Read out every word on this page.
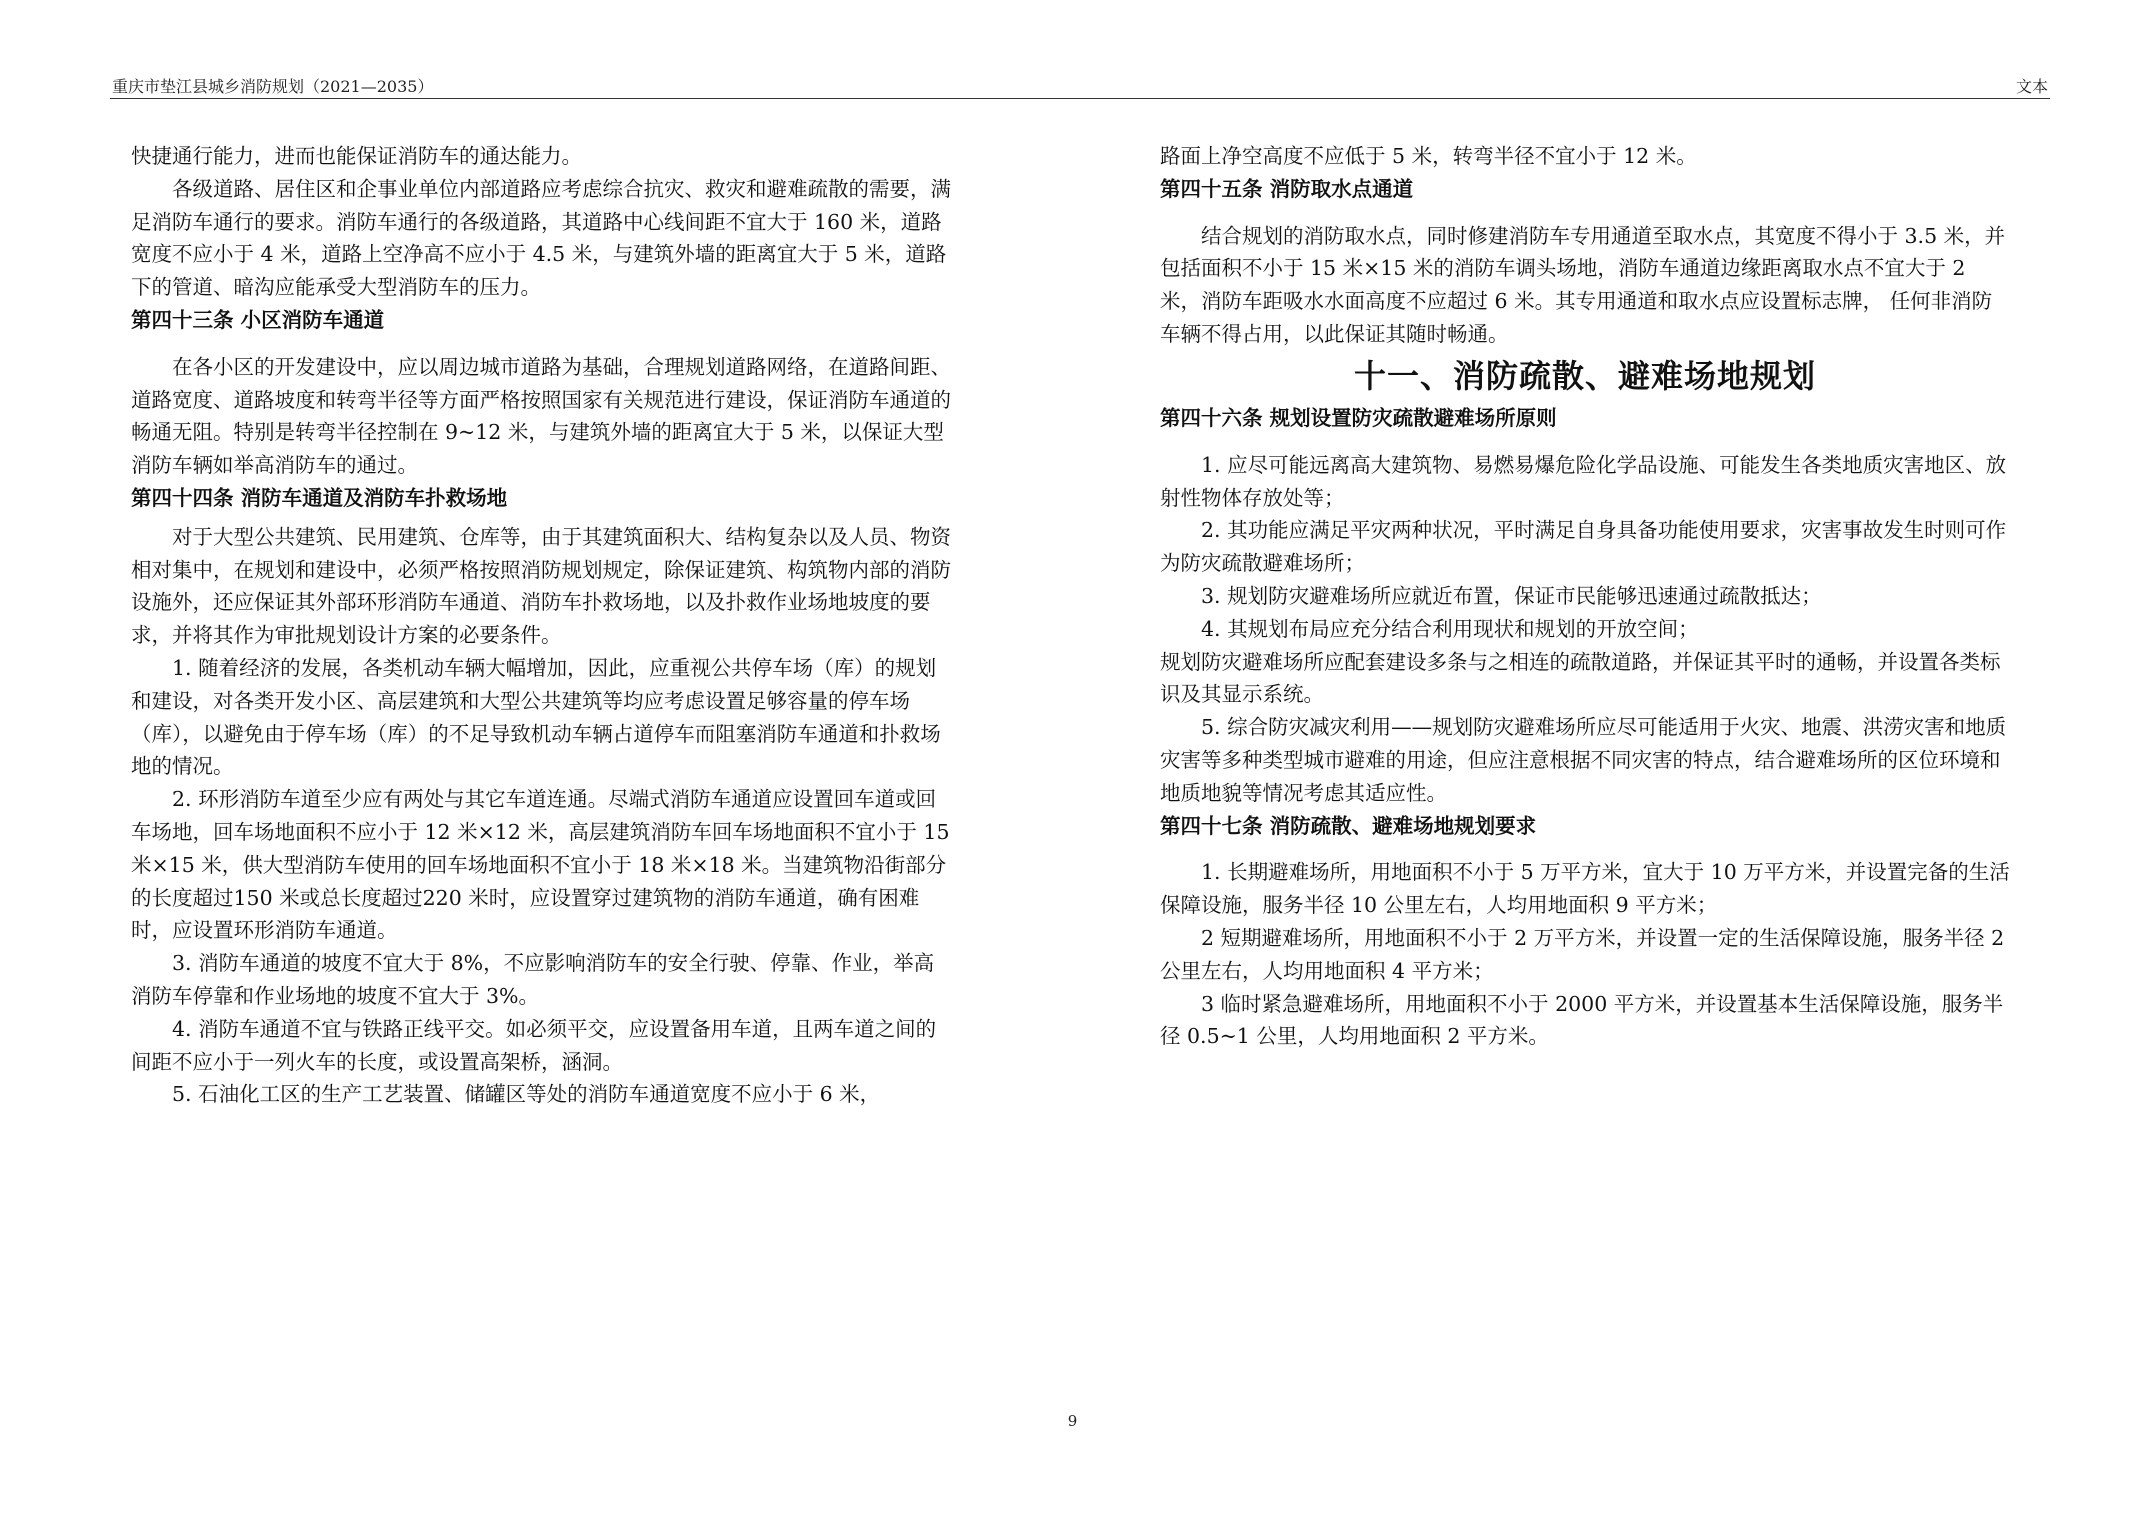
重庆市垫江县城乡消防规划（2021—2035）	文本

快捷通行能力，进而也能保证消防车的通达能力。

各级道路、居住区和企事业单位内部道路应考虑综合抗灾、救灾和避难疏散的需要，满足消防车通行的要求。消防车通行的各级道路，其道路中心线间距不宜大于 160 米，道路宽度不应小于 4 米，道路上空净高不应小于 4.5 米，与建筑外墙的距离宜大于 5 米，道路下的管道、暗沟应能承受大型消防车的压力。

第四十三条 小区消防车通道

在各小区的开发建设中，应以周边城市道路为基础，合理规划道路网络，在道路间距、道路宽度、道路坡度和转弯半径等方面严格按照国家有关规范进行建设，保证消防车通道的畅通无阻。特别是转弯半径控制在 9~12 米，与建筑外墙的距离宜大于 5 米，以保证大型消防车辆如举高消防车的通过。

第四十四条 消防车通道及消防车扑救场地

对于大型公共建筑、民用建筑、仓库等，由于其建筑面积大、结构复杂以及人员、物资相对集中，在规划和建设中，必须严格按照消防规划规定，除保证建筑、构筑物内部的消防设施外，还应保证其外部环形消防车通道、消防车扑救场地，以及扑救作业场地坡度的要求，并将其作为审批规划设计方案的必要条件。

1. 随着经济的发展，各类机动车辆大幅增加，因此，应重视公共停车场（库）的规划和建设，对各类开发小区、高层建筑和大型公共建筑等均应考虑设置足够容量的停车场（库），以避免由于停车场（库）的不足导致机动车辆占道停车而阻塞消防车通道和扑救场地的情况。

2. 环形消防车道至少应有两处与其它车道连通。尽端式消防车通道应设置回车道或回车场地，回车场地面积不应小于 12 米×12 米，高层建筑消防车回车场地面积不宜小于 15 米×15 米，供大型消防车使用的回车场地面积不宜小于 18 米×18 米。当建筑物沿街部分的长度超过150 米或总长度超过220 米时，应设置穿过建筑物的消防车通道，确有困难时，应设置环形消防车通道。

3. 消防车通道的坡度不宜大于 8%，不应影响消防车的安全行驶、停靠、作业，举高消防车停靠和作业场地的坡度不宜大于 3%。

4. 消防车通道不宜与铁路正线平交。如必须平交，应设置备用车道，且两车道之间的间距不应小于一列火车的长度，或设置高架桥，涵洞。

5. 石油化工区的生产工艺装置、储罐区等处的消防车通道宽度不应小于 6 米，

路面上净空高度不应低于 5 米，转弯半径不宜小于 12 米。

第四十五条 消防取水点通道

结合规划的消防取水点，同时修建消防车专用通道至取水点，其宽度不得小于 3.5 米，并包括面积不小于 15 米×15 米的消防车调头场地，消防车通道边缘距离取水点不宜大于 2 米，消防车距吸水水面高度不应超过 6 米。其专用通道和取水点应设置标志牌， 任何非消防车辆不得占用，以此保证其随时畅通。

十一、消防疏散、避难场地规划

第四十六条 规划设置防灾疏散避难场所原则

1. 应尽可能远离高大建筑物、易燃易爆危险化学品设施、可能发生各类地质灾害地区、放射性物体存放处等；

2. 其功能应满足平灾两种状况，平时满足自身具备功能使用要求，灾害事故发生时则可作为防灾疏散避难场所；

3. 规划防灾避难场所应就近布置，保证市民能够迅速通过疏散抵达；

4. 其规划布局应充分结合利用现状和规划的开放空间；

规划防灾避难场所应配套建设多条与之相连的疏散道路，并保证其平时的通畅，并设置各类标识及其显示系统。

5. 综合防灾减灾利用——规划防灾避难场所应尽可能适用于火灾、地震、洪涝灾害和地质灾害等多种类型城市避难的用途，但应注意根据不同灾害的特点，结合避难场所的区位环境和地质地貌等情况考虑其适应性。

第四十七条 消防疏散、避难场地规划要求

1. 长期避难场所，用地面积不小于 5 万平方米，宜大于 10 万平方米，并设置完备的生活保障设施，服务半径 10 公里左右，人均用地面积 9 平方米；

2 短期避难场所，用地面积不小于 2 万平方米，并设置一定的生活保障设施，服务半径 2 公里左右，人均用地面积 4 平方米；

3 临时紧急避难场所，用地面积不小于 2000 平方米，并设置基本生活保障设施，服务半径 0.5~1 公里，人均用地面积 2 平方米。

9
